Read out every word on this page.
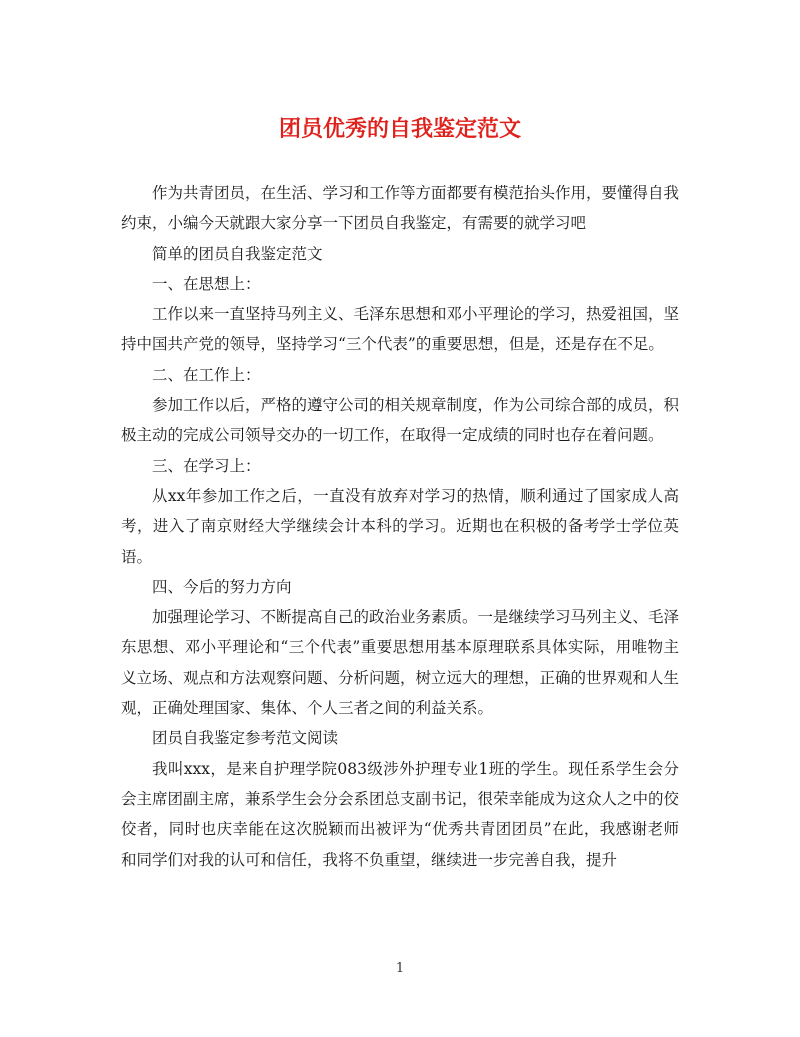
团员优秀的自我鉴定范文

作为共青团员，在生活、学习和工作等方面都要有模范抬头作用，要懂得自我约束，小编今天就跟大家分享一下团员自我鉴定，有需要的就学习吧

简单的团员自我鉴定范文

一、在思想上：

工作以来一直坚持马列主义、毛泽东思想和邓小平理论的学习，热爱祖国，坚持中国共产党的领导，坚持学习“三个代表”的重要思想，但是，还是存在不足。

二、在工作上：

参加工作以后，严格的遵守公司的相关规章制度，作为公司综合部的成员，积极主动的完成公司领导交办的一切工作，在取得一定成绩的同时也存在着问题。

三、在学习上：

从xx年参加工作之后，一直没有放弃对学习的热情，顺利通过了国家成人高考，进入了南京财经大学继续会计本科的学习。近期也在积极的备考学士学位英语。

四、今后的努力方向

加强理论学习、不断提高自己的政治业务素质。一是继续学习马列主义、毛泽东思想、邓小平理论和“三个代表”重要思想用基本原理联系具体实际，用唯物主义立场、观点和方法观察问题、分析问题，树立远大的理想，正确的世界观和人生观，正确处理国家、集体、个人三者之间的利益关系。

团员自我鉴定参考范文阅读

我叫xxx，是来自护理学院083级涉外护理专业1班的学生。现任系学生会分会主席团副主席，兼系学生会分会系团总支副书记，很荣幸能成为这众人之中的佼佼者，同时也庆幸能在这次脱颖而出被评为“优秀共青团团员”在此，我感谢老师和同学们对我的认可和信任，我将不负重望，继续进一步完善自我，提升

1
